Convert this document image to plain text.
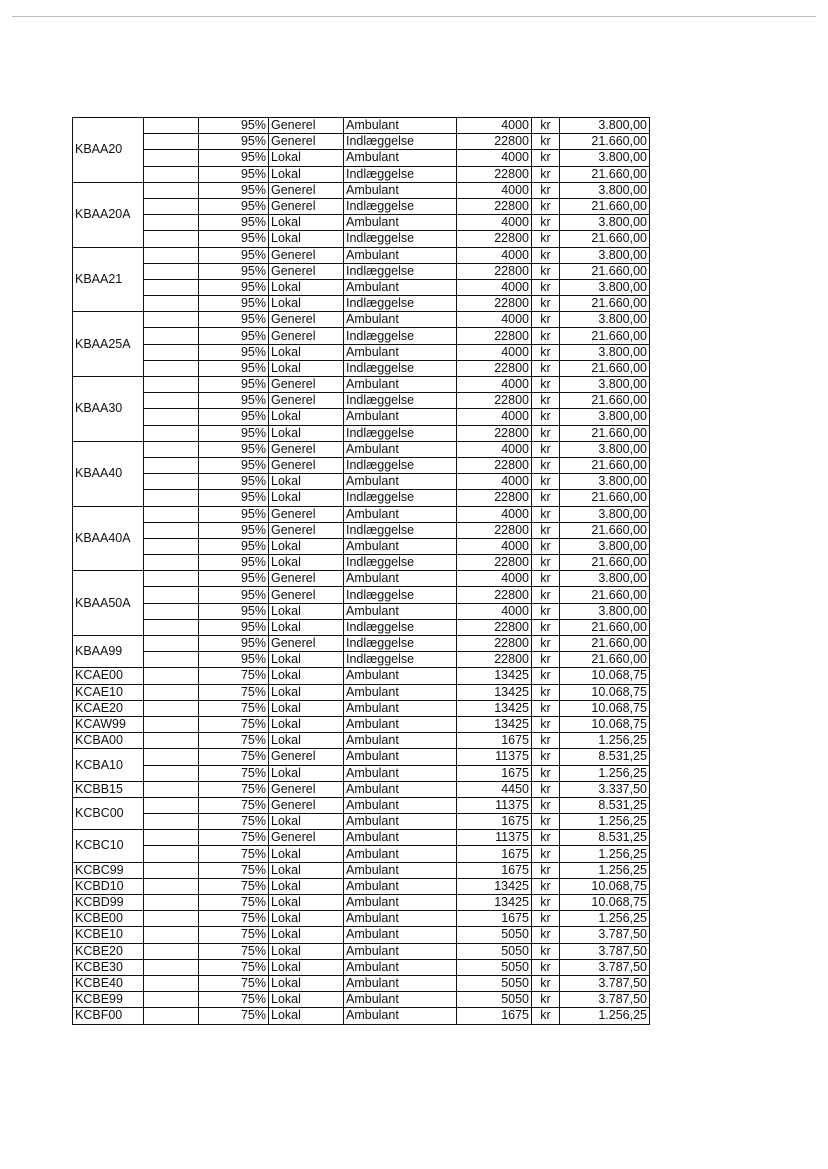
KBAA20		95%	Generel	Ambulant	4000	kr	3.800,00
		95%	Generel	Indlæggelse	22800	kr	21.660,00
		95%	Lokal	Ambulant	4000	kr	3.800,00
		95%	Lokal	Indlæggelse	22800	kr	21.660,00
KBAA20A		95%	Generel	Ambulant	4000	kr	3.800,00
		95%	Generel	Indlæggelse	22800	kr	21.660,00
		95%	Lokal	Ambulant	4000	kr	3.800,00
		95%	Lokal	Indlæggelse	22800	kr	21.660,00
KBAA21		95%	Generel	Ambulant	4000	kr	3.800,00
		95%	Generel	Indlæggelse	22800	kr	21.660,00
		95%	Lokal	Ambulant	4000	kr	3.800,00
		95%	Lokal	Indlæggelse	22800	kr	21.660,00
KBAA25A		95%	Generel	Ambulant	4000	kr	3.800,00
		95%	Generel	Indlæggelse	22800	kr	21.660,00
		95%	Lokal	Ambulant	4000	kr	3.800,00
		95%	Lokal	Indlæggelse	22800	kr	21.660,00
KBAA30		95%	Generel	Ambulant	4000	kr	3.800,00
		95%	Generel	Indlæggelse	22800	kr	21.660,00
		95%	Lokal	Ambulant	4000	kr	3.800,00
		95%	Lokal	Indlæggelse	22800	kr	21.660,00
KBAA40		95%	Generel	Ambulant	4000	kr	3.800,00
		95%	Generel	Indlæggelse	22800	kr	21.660,00
		95%	Lokal	Ambulant	4000	kr	3.800,00
		95%	Lokal	Indlæggelse	22800	kr	21.660,00
KBAA40A		95%	Generel	Ambulant	4000	kr	3.800,00
		95%	Generel	Indlæggelse	22800	kr	21.660,00
		95%	Lokal	Ambulant	4000	kr	3.800,00
		95%	Lokal	Indlæggelse	22800	kr	21.660,00
KBAA50A		95%	Generel	Ambulant	4000	kr	3.800,00
		95%	Generel	Indlæggelse	22800	kr	21.660,00
		95%	Lokal	Ambulant	4000	kr	3.800,00
		95%	Lokal	Indlæggelse	22800	kr	21.660,00
KBAA99		95%	Generel	Indlæggelse	22800	kr	21.660,00
		95%	Lokal	Indlæggelse	22800	kr	21.660,00
KCAE00		75%	Lokal	Ambulant	13425	kr	10.068,75
KCAE10		75%	Lokal	Ambulant	13425	kr	10.068,75
KCAE20		75%	Lokal	Ambulant	13425	kr	10.068,75
KCAW99		75%	Lokal	Ambulant	13425	kr	10.068,75
KCBA00		75%	Lokal	Ambulant	1675	kr	1.256,25
KCBA10		75%	Generel	Ambulant	11375	kr	8.531,25
		75%	Lokal	Ambulant	1675	kr	1.256,25
KCBB15		75%	Generel	Ambulant	4450	kr	3.337,50
KCBC00		75%	Generel	Ambulant	11375	kr	8.531,25
		75%	Lokal	Ambulant	1675	kr	1.256,25
KCBC10		75%	Generel	Ambulant	11375	kr	8.531,25
		75%	Lokal	Ambulant	1675	kr	1.256,25
KCBC99		75%	Lokal	Ambulant	1675	kr	1.256,25
KCBD10		75%	Lokal	Ambulant	13425	kr	10.068,75
KCBD99		75%	Lokal	Ambulant	13425	kr	10.068,75
KCBE00		75%	Lokal	Ambulant	1675	kr	1.256,25
KCBE10		75%	Lokal	Ambulant	5050	kr	3.787,50
KCBE20		75%	Lokal	Ambulant	5050	kr	3.787,50
KCBE30		75%	Lokal	Ambulant	5050	kr	3.787,50
KCBE40		75%	Lokal	Ambulant	5050	kr	3.787,50
KCBE99		75%	Lokal	Ambulant	5050	kr	3.787,50
KCBF00		75%	Lokal	Ambulant	1675	kr	1.256,25
